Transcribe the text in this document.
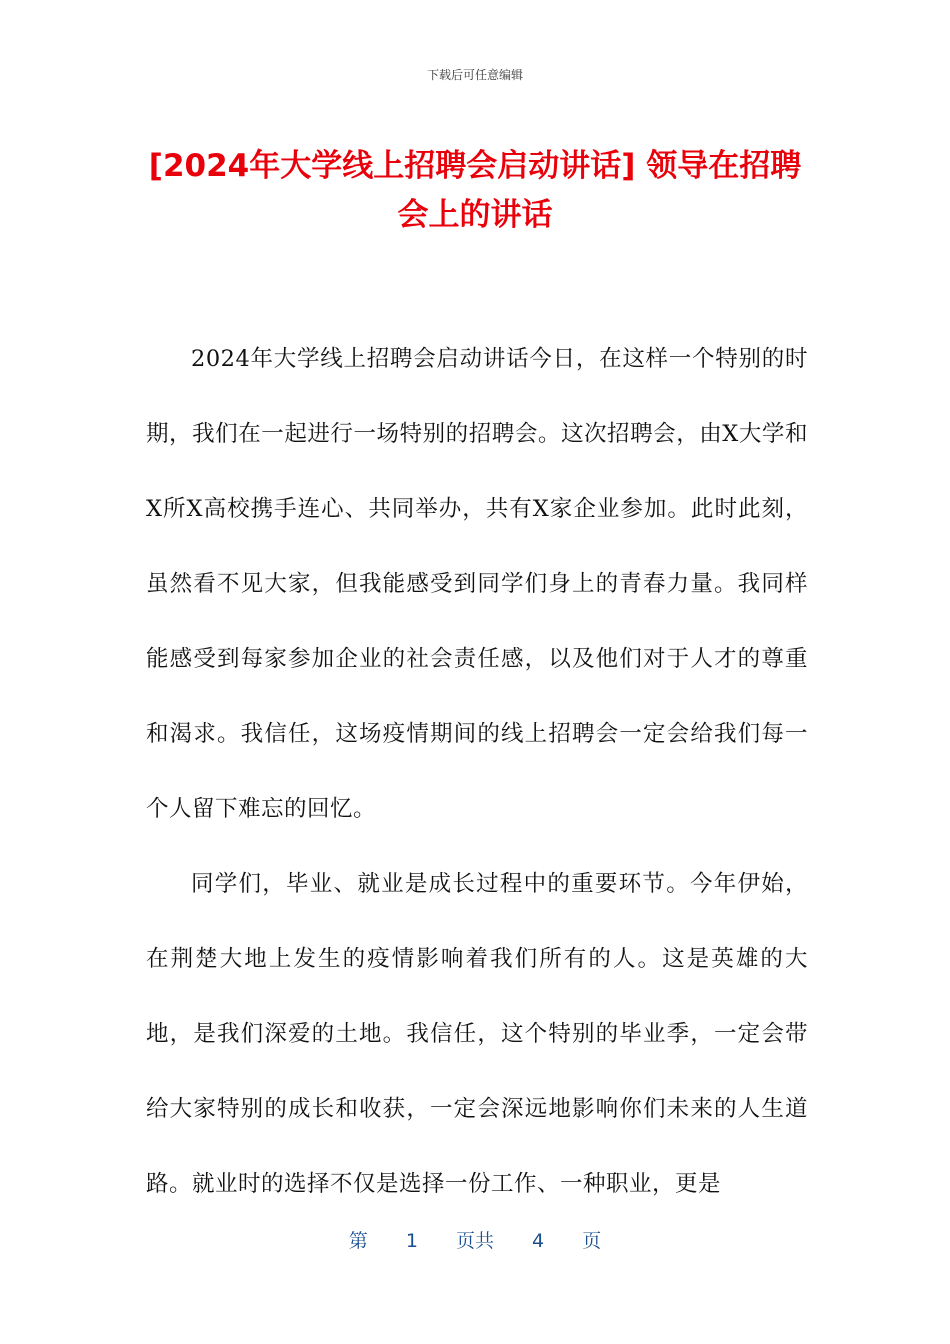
下载后可任意编辑
[2024年大学线上招聘会启动讲话] 领导在招聘会上的讲话

2024年大学线上招聘会启动讲话今日，在这样一个特别的时期，我们在一起进行一场特别的招聘会。这次招聘会，由X大学和X所X高校携手连心、共同举办，共有X家企业参加。此时此刻，虽然看不见大家，但我能感受到同学们身上的青春力量。我同样能感受到每家参加企业的社会责任感，以及他们对于人才的尊重和渴求。我信任，这场疫情期间的线上招聘会一定会给我们每一个人留下难忘的回忆。

同学们，毕业、就业是成长过程中的重要环节。今年伊始，在荆楚大地上发生的疫情影响着我们所有的人。这是英雄的大地，是我们深爱的土地。我信任，这个特别的毕业季，一定会带给大家特别的成长和收获，一定会深远地影响你们未来的人生道路。就业时的选择不仅是选择一份工作、一种职业，更是

第 1 页共 4 页
